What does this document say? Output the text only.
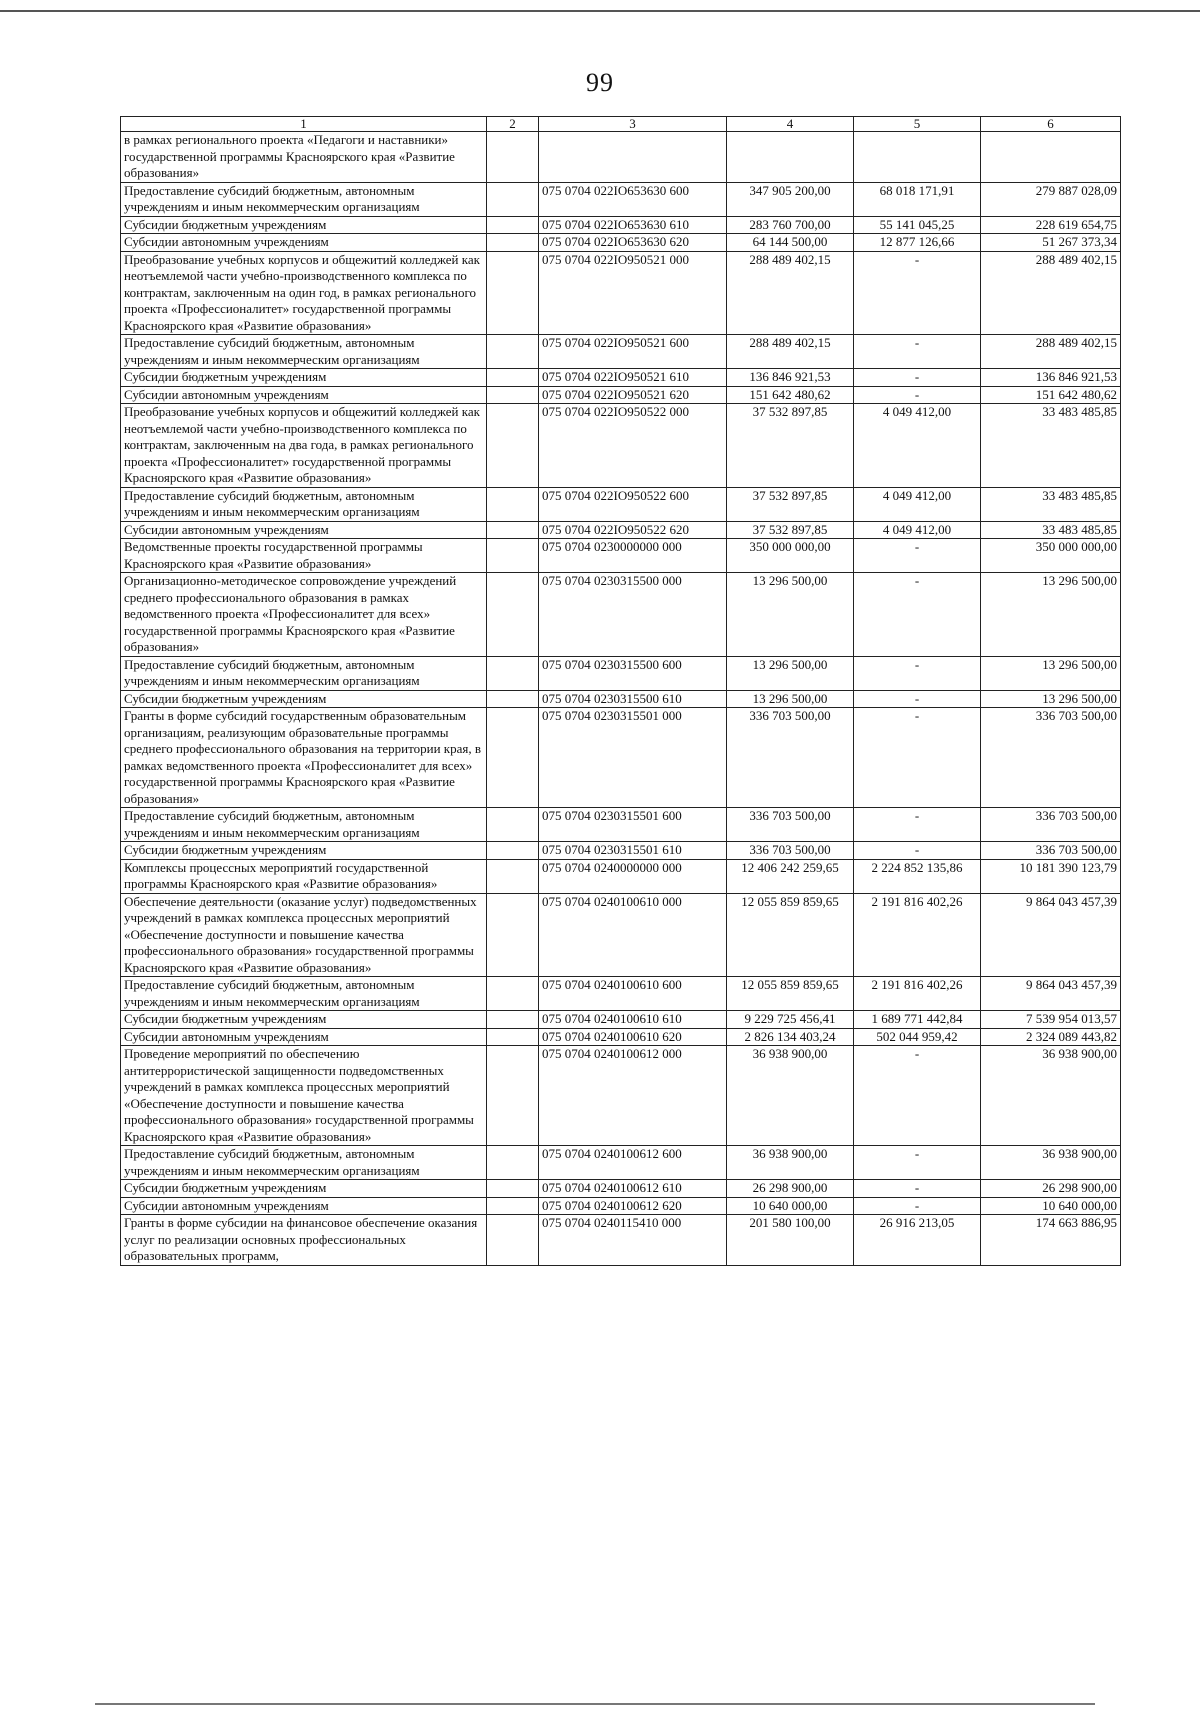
99
1	2	3	4	5	6
в рамках регионального проекта «Педагоги и наставники» государственной программы Красноярского края «Развитие образования»					
Предоставление субсидий бюджетным, автономным учреждениям и иным некоммерческим организациям		075 0704 022IO653630 600	347 905 200,00	68 018 171,91	279 887 028,09
Субсидии бюджетным учреждениям		075 0704 022IO653630 610	283 760 700,00	55 141 045,25	228 619 654,75
Субсидии автономным учреждениям		075 0704 022IO653630 620	64 144 500,00	12 877 126,66	51 267 373,34
Преобразование учебных корпусов и общежитий колледжей как неотъемлемой части учебно-производственного комплекса по контрактам, заключенным на один год, в рамках регионального проекта «Профессионалитет» государственной программы Красноярского края «Развитие образования»		075 0704 022IO950521 000	288 489 402,15	-	288 489 402,15
Предоставление субсидий бюджетным, автономным учреждениям и иным некоммерческим организациям		075 0704 022IO950521 600	288 489 402,15	-	288 489 402,15
Субсидии бюджетным учреждениям		075 0704 022IO950521 610	136 846 921,53	-	136 846 921,53
Субсидии автономным учреждениям		075 0704 022IO950521 620	151 642 480,62	-	151 642 480,62
Преобразование учебных корпусов и общежитий колледжей как неотъемлемой части учебно-производственного комплекса по контрактам, заключенным на два года, в рамках регионального проекта «Профессионалитет» государственной программы Красноярского края «Развитие образования»		075 0704 022IO950522 000	37 532 897,85	4 049 412,00	33 483 485,85
Предоставление субсидий бюджетным, автономным учреждениям и иным некоммерческим организациям		075 0704 022IO950522 600	37 532 897,85	4 049 412,00	33 483 485,85
Субсидии автономным учреждениям		075 0704 022IO950522 620	37 532 897,85	4 049 412,00	33 483 485,85
Ведомственные проекты государственной программы Красноярского края «Развитие образования»		075 0704 0230000000 000	350 000 000,00	-	350 000 000,00
Организационно-методическое сопровождение учреждений среднего профессионального образования в рамках ведомственного проекта «Профессионалитет для всех» государственной программы Красноярского края «Развитие образования»		075 0704 0230315500 000	13 296 500,00	-	13 296 500,00
Предоставление субсидий бюджетным, автономным учреждениям и иным некоммерческим организациям		075 0704 0230315500 600	13 296 500,00	-	13 296 500,00
Субсидии бюджетным учреждениям		075 0704 0230315500 610	13 296 500,00	-	13 296 500,00
Гранты в форме субсидий государственным образовательным организациям, реализующим образовательные программы среднего профессионального образования на территории края, в рамках ведомственного проекта «Профессионалитет для всех» государственной программы Красноярского края «Развитие образования»		075 0704 0230315501 000	336 703 500,00	-	336 703 500,00
Предоставление субсидий бюджетным, автономным учреждениям и иным некоммерческим организациям		075 0704 0230315501 600	336 703 500,00	-	336 703 500,00
Субсидии бюджетным учреждениям		075 0704 0230315501 610	336 703 500,00	-	336 703 500,00
Комплексы процессных мероприятий государственной программы Красноярского края «Развитие образования»		075 0704 0240000000 000	12 406 242 259,65	2 224 852 135,86	10 181 390 123,79
Обеспечение деятельности (оказание услуг) подведомственных учреждений в рамках комплекса процессных мероприятий «Обеспечение доступности и повышение качества профессионального образования» государственной программы Красноярского края «Развитие образования»		075 0704 0240100610 000	12 055 859 859,65	2 191 816 402,26	9 864 043 457,39
Предоставление субсидий бюджетным, автономным учреждениям и иным некоммерческим организациям		075 0704 0240100610 600	12 055 859 859,65	2 191 816 402,26	9 864 043 457,39
Субсидии бюджетным учреждениям		075 0704 0240100610 610	9 229 725 456,41	1 689 771 442,84	7 539 954 013,57
Субсидии автономным учреждениям		075 0704 0240100610 620	2 826 134 403,24	502 044 959,42	2 324 089 443,82
Проведение мероприятий по обеспечению антитеррористической защищенности подведомственных учреждений в рамках комплекса процессных мероприятий «Обеспечение доступности и повышение качества профессионального образования» государственной программы Красноярского края «Развитие образования»		075 0704 0240100612 000	36 938 900,00	-	36 938 900,00
Предоставление субсидий бюджетным, автономным учреждениям и иным некоммерческим организациям		075 0704 0240100612 600	36 938 900,00	-	36 938 900,00
Субсидии бюджетным учреждениям		075 0704 0240100612 610	26 298 900,00	-	26 298 900,00
Субсидии автономным учреждениям		075 0704 0240100612 620	10 640 000,00	-	10 640 000,00
Гранты в форме субсидии на финансовое обеспечение оказания услуг по реализации основных профессиональных образовательных программ,		075 0704 0240115410 000	201 580 100,00	26 916 213,05	174 663 886,95
